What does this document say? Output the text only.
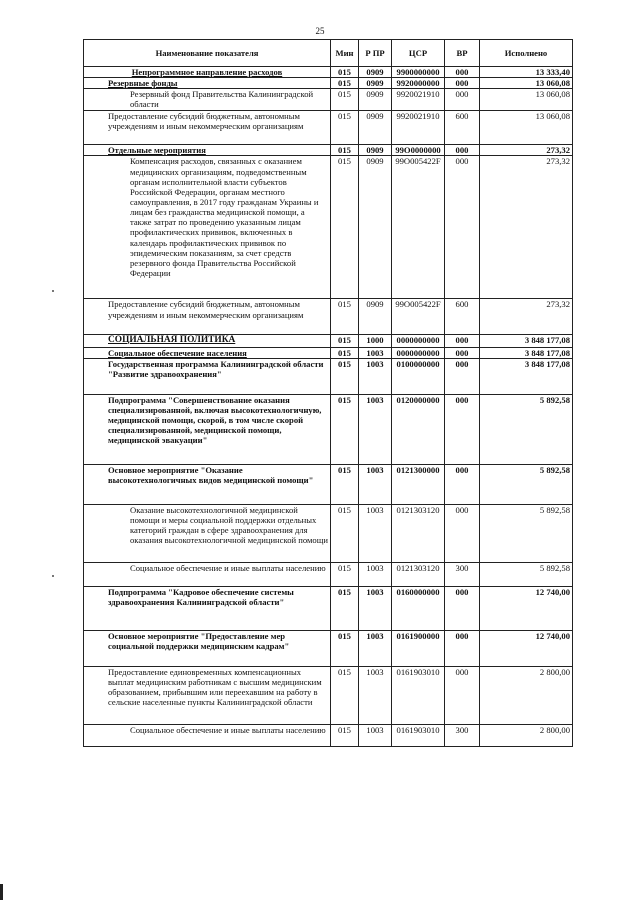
25
Наименование показателя	Мин	Р ПР	ЦСР	ВР	Исполнено
Непрограммное направление расходов	015	0909	9900000000	000	13 333,40
Резервные фонды	015	0909	9920000000	000	13 060,08
Резервный фонд Правительства Калининградской области	015	0909	9920021910	000	13 060,08
Предоставление субсидий бюджетным, автономным учреждениям и иным некоммерческим организациям	015	0909	9920021910	600	13 060,08
Отдельные мероприятия	015	0909	99O0000000	000	273,32
Компенсация расходов, связанных с оказанием медицинских организациям, подведомственным органам исполнительной власти субъектов Российской Федерации, органам местного самоуправления, в 2017 году гражданам Украины и лицам без гражданства медицинской помощи, а также затрат по проведению указанным лицам профилактических прививок, включенных в календарь профилактических прививок по эпидемическим показаниям, за счет средств резервного фонда Правительства Российской Федерации	015	0909	99O005422F	000	273,32
Предоставление субсидий бюджетным, автономным учреждениям и иным некоммерческим организациям	015	0909	99O005422F	600	273,32
СОЦИАЛЬНАЯ ПОЛИТИКА	015	1000	0000000000	000	3 848 177,08
Социальное обеспечение населения	015	1003	0000000000	000	3 848 177,08
Государственная программа Калининградской области "Развитие здравоохранения"	015	1003	0100000000	000	3 848 177,08
Подпрограмма "Совершенствование оказания специализированной, включая высокотехнологичную, медицинской помощи, скорой, в том числе скорой специализированной, медицинской помощи, медицинской эвакуации"	015	1003	0120000000	000	5 892,58
Основное мероприятие "Оказание высокотехнологичных видов медицинской помощи"	015	1003	0121300000	000	5 892,58
Оказание высокотехнологичной медицинской помощи и меры социальной поддержки отдельных категорий граждан в сфере здравоохранения для оказания высокотехнологичной медицинской помощи	015	1003	0121303120	000	5 892,58
Социальное обеспечение и иные выплаты населению	015	1003	0121303120	300	5 892,58
Подпрограмма "Кадровое обеспечение системы здравоохранения Калининградской области"	015	1003	0160000000	000	12 740,00
Основное мероприятие "Предоставление мер социальной поддержки медицинским кадрам"	015	1003	0161900000	000	12 740,00
Предоставление единовременных компенсационных выплат медицинским работникам с высшим медицинским образованием, прибывшим или переехавшим на работу в сельские населенные пункты Калининградской области	015	1003	0161903010	000	2 800,00
Социальное обеспечение и иные выплаты населению	015	1003	0161903010	300	2 800,00
